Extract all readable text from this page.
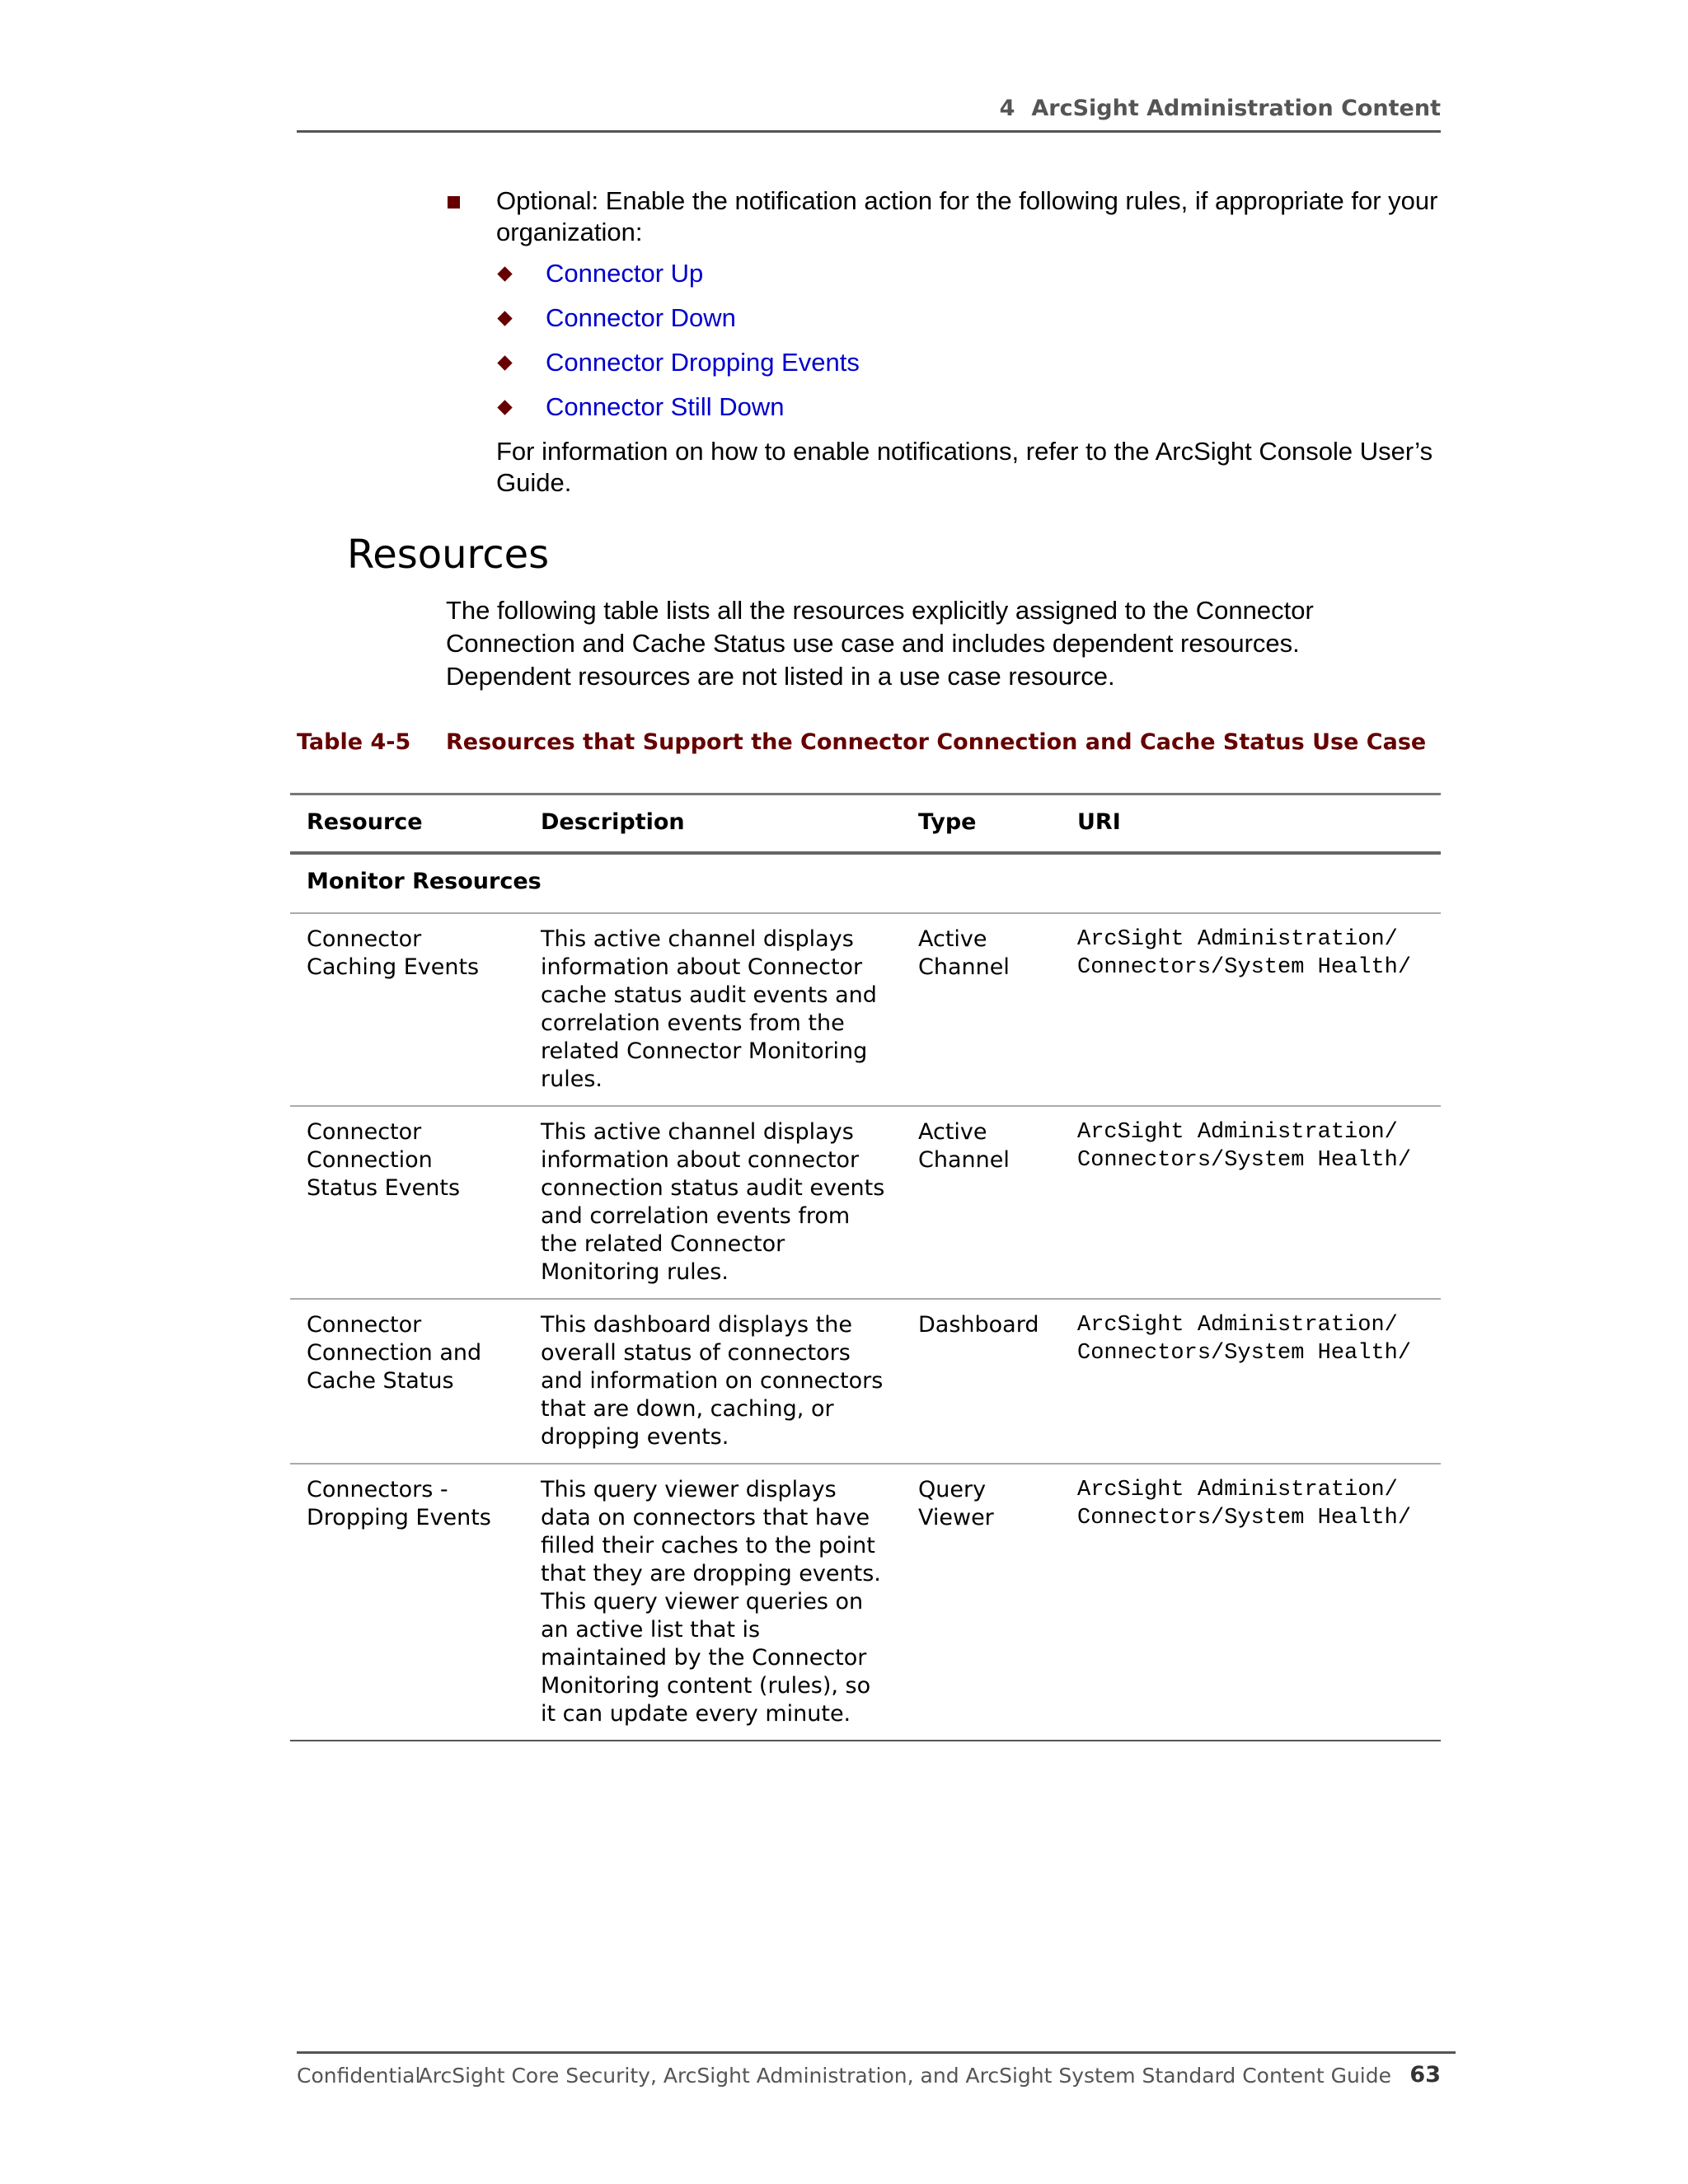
4 ArcSight Administration Content
Optional: Enable the notification action for the following rules, if appropriate for your organization:
Connector Up
Connector Down
Connector Dropping Events
Connector Still Down
For information on how to enable notifications, refer to the ArcSight Console User’s Guide.
Resources

The following table lists all the resources explicitly assigned to the Connector Connection and Cache Status use case and includes dependent resources. Dependent resources are not listed in a use case resource.

Table 4-5 Resources that Support the Connector Connection and Cache Status Use Case
Resource	Description	Type	URI
Monitor Resources			
Connector Caching Events	This active channel displays information about Connector cache status audit events and correlation events from the related Connector Monitoring rules.	Active Channel	ArcSight Administration/ Connectors/System Health/
Connector Connection Status Events	This active channel displays information about connector connection status audit events and correlation events from the related Connector Monitoring rules.	Active Channel	ArcSight Administration/ Connectors/System Health/
Connector Connection and Cache Status	This dashboard displays the overall status of connectors and information on connectors that are down, caching, or dropping events.	Dashboard	ArcSight Administration/ Connectors/System Health/
Connectors - Dropping Events	This query viewer displays data on connectors that have filled their caches to the point that they are dropping events. This query viewer queries on an active list that is maintained by the Connector Monitoring content (rules), so it can update every minute.	Query Viewer	ArcSight Administration/ Connectors/System Health/
Confidential
ArcSight Core Security, ArcSight Administration, and ArcSight System Standard Content Guide 63
